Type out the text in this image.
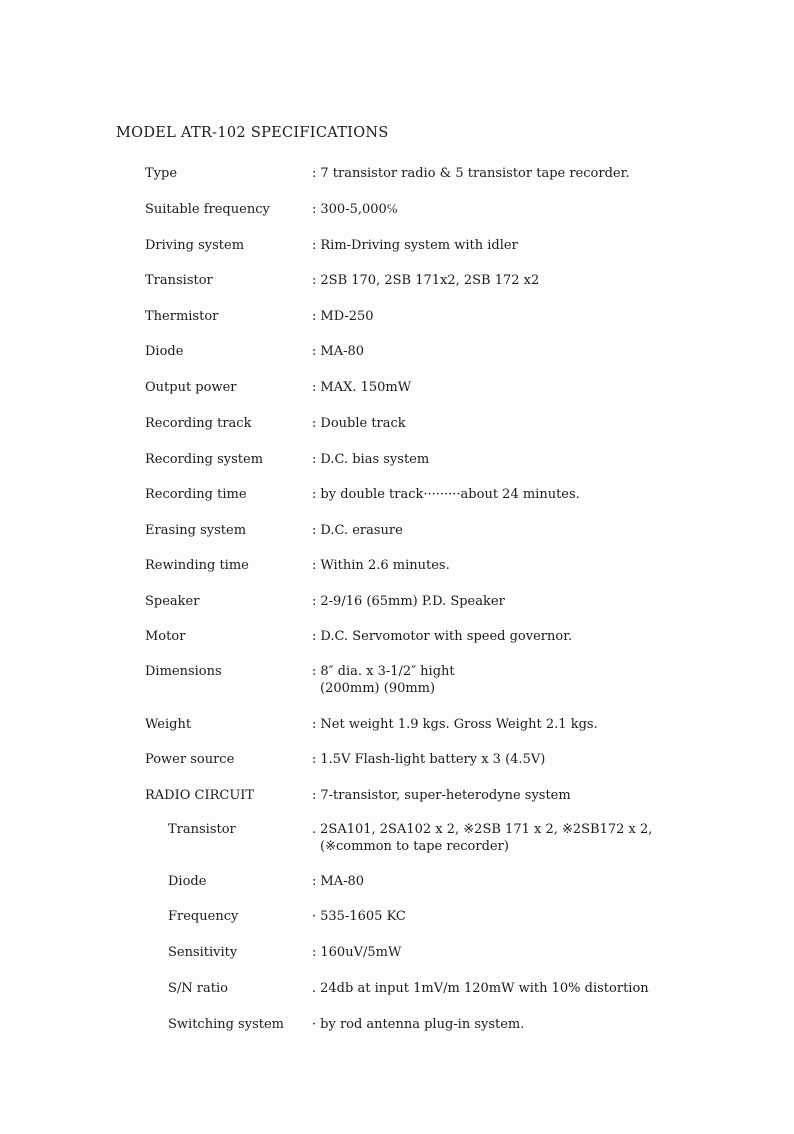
MODEL ATR-102 SPECIFICATIONS
Type	: 7 transistor radio & 5 transistor tape recorder.
Suitable frequency	: 300-5,000℅
Driving system	: Rim-Driving system with idler
Transistor	: 2SB 170, 2SB 171x2, 2SB 172 x2
Thermistor	: MD-250
Diode	: MA-80
Output power	: MAX. 150mW
Recording track	: Double track
Recording system	: D.C. bias system
Recording time	: by double track·········about 24 minutes.
Erasing system	: D.C. erasure
Rewinding time	: Within 2.6 minutes.
Speaker	: 2-9/16 (65mm) P.D. Speaker
Motor	: D.C. Servomotor with speed governor.
Dimensions	: 8″ dia. x 3-1/2″ hight
(200mm) (90mm)
Weight	: Net weight 1.9 kgs. Gross Weight 2.1 kgs.
Power source	: 1.5V Flash-light battery x 3 (4.5V)
RADIO CIRCUIT	: 7-transistor, super-heterodyne system
Transistor	. 2SA101, 2SA102 x 2, ※2SB 171 x 2, ※2SB172 x 2,
(※common to tape recorder)
Diode	: MA-80
Frequency	· 535-1605 KC
Sensitivity	: 160uV/5mW
S/N ratio	. 24db at input 1mV/m 120mW with 10% distortion
Switching system · by rod antenna plug-in system.
